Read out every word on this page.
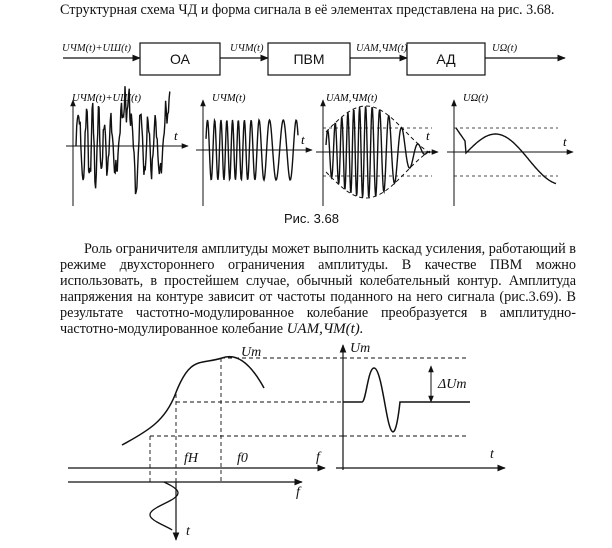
Структурная схема ЧД и форма сигнала в её элементах представлена на рис. 3.68.

UЧМ(t)+UШ(t)
ОА	ПВМ	АД
UЧМ(t)	UАМ,ЧМ(t)	UΩ(t)
UЧМ(t)+UШ(t)
t
UЧМ(t)
t
UАМ,ЧМ(t)
t
UΩ(t)
t
Um
fH	f0	f
f
t
Um
ΔUm
t
Рис. 3.68

Роль ограничителя амплитуды может выполнить каскад усиления, работающий в режиме двухстороннего ограничения амплитуды. В качестве ПВМ можно использовать, в простейшем случае, обычный колебательный контур. Амплитуда напряжения на контуре зависит от частоты поданного на него сигнала (рис.3.69). В результате частотно-модулированное колебание преобразуется в амплитудно-частотно-модулированное колебание UАМ,ЧМ(t).
